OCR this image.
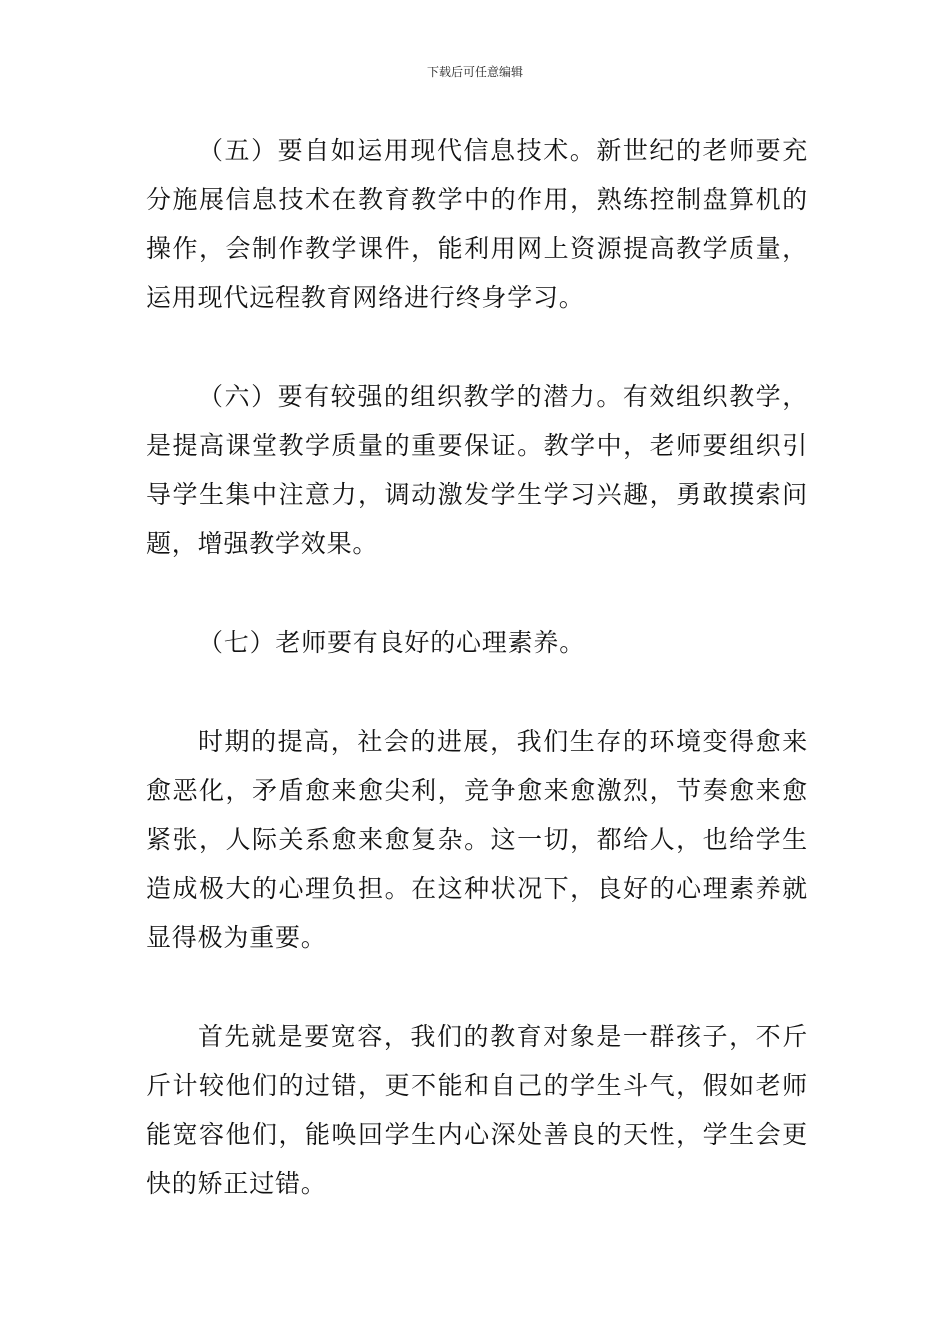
下载后可任意编辑

（五）要自如运用现代信息技术。新世纪的老师要充分施展信息技术在教育教学中的作用，熟练控制盘算机的操作，会制作教学课件，能利用网上资源提高教学质量，运用现代远程教育网络进行终身学习。

（六）要有较强的组织教学的潜力。有效组织教学，是提高课堂教学质量的重要保证。教学中，老师要组织引导学生集中注意力，调动激发学生学习兴趣，勇敢摸索问题，增强教学效果。

（七）老师要有良好的心理素养。

时期的提高，社会的进展，我们生存的环境变得愈来愈恶化，矛盾愈来愈尖利，竞争愈来愈激烈，节奏愈来愈紧张，人际关系愈来愈复杂。这一切，都给人，也给学生造成极大的心理负担。在这种状况下，良好的心理素养就显得极为重要。

首先就是要宽容，我们的教育对象是一群孩子，不斤斤计较他们的过错，更不能和自己的学生斗气，假如老师能宽容他们，能唤回学生内心深处善良的天性，学生会更快的矫正过错。
